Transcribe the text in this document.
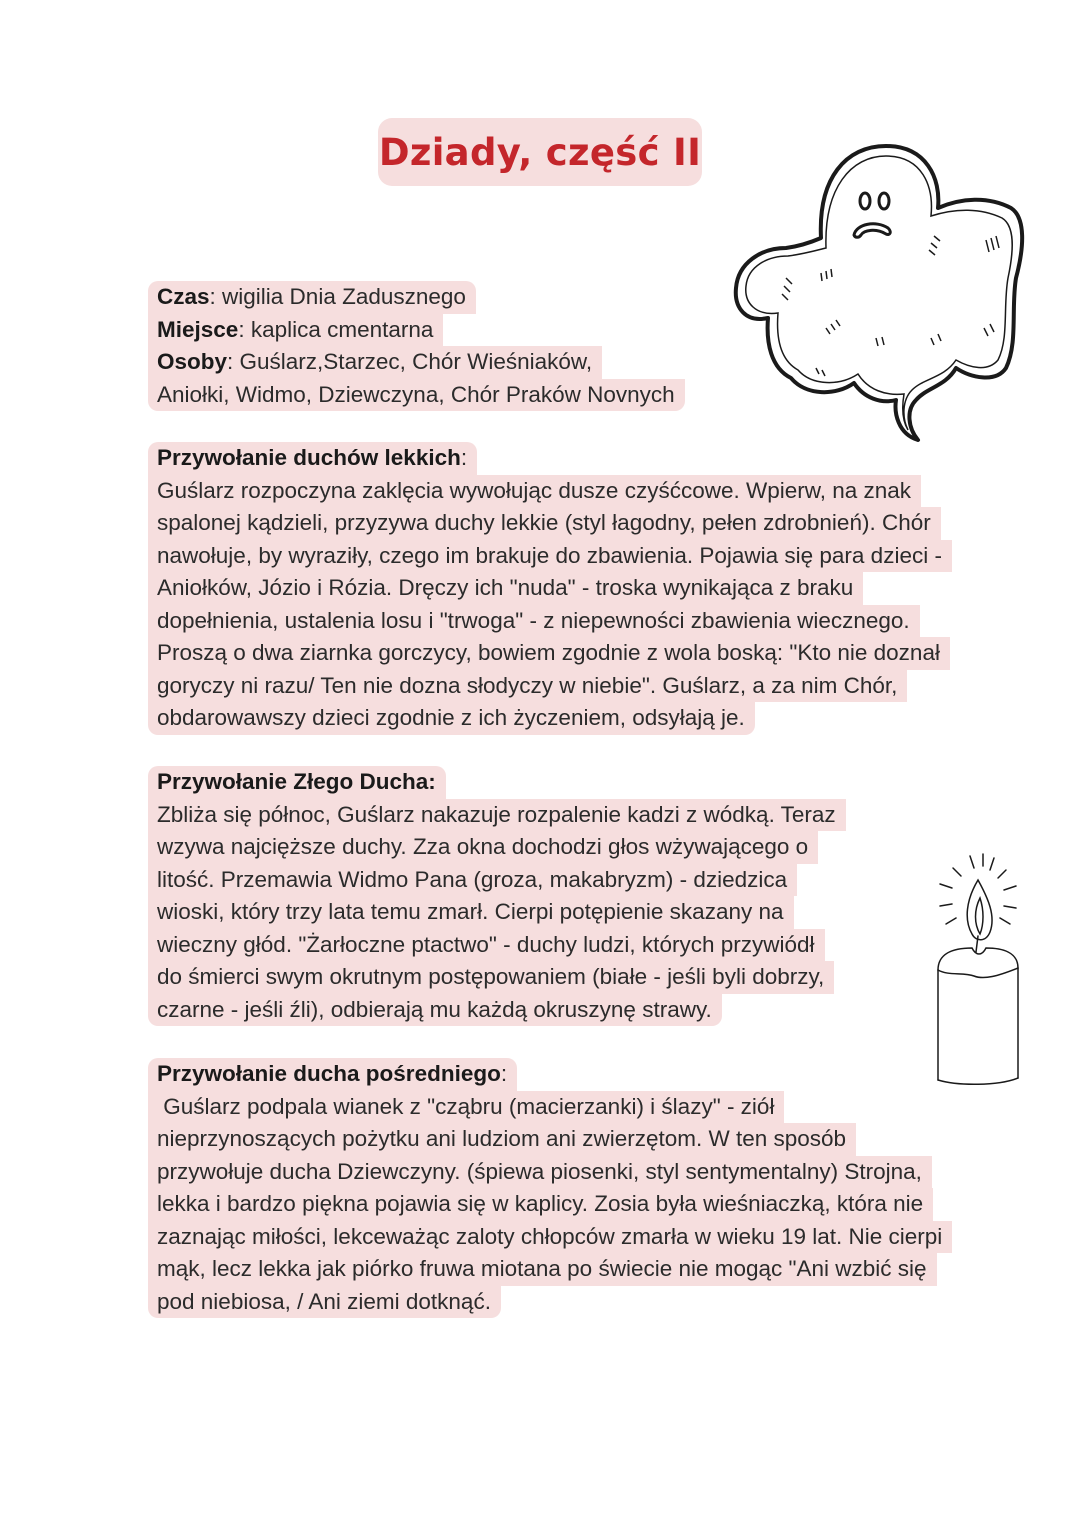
Dziady, część II
Czas: wigilia Dnia Zadusznego
Miejsce: kaplica cmentarna
Osoby: Guślarz,Starzec, Chór Wieśniaków,
Aniołki, Widmo, Dziewczyna, Chór Praków Novnych
Przywołanie duchów lekkich:
Guślarz rozpoczyna zaklęcia wywołując dusze czyśćcowe. Wpierw, na znak
spalonej kądzieli, przyzywa duchy lekkie (styl łagodny, pełen zdrobnień). Chór
nawołuje, by wyraziły, czego im brakuje do zbawienia. Pojawia się para dzieci -
Aniołków, Józio i Rózia. Dręczy ich "nuda" - troska wynikająca z braku
dopełnienia, ustalenia losu i "trwoga" - z niepewności zbawienia wiecznego.
Proszą o dwa ziarnka gorczycy, bowiem zgodnie z wola boską: "Kto nie doznał
goryczy ni razu/ Ten nie dozna słodyczy w niebie". Guślarz, a za nim Chór,
obdarowawszy dzieci zgodnie z ich życzeniem, odsyłają je.
Przywołanie Złego Ducha:
Zbliża się północ, Guślarz nakazuje rozpalenie kadzi z wódką. Teraz
wzywa najcięższe duchy. Zza okna dochodzi głos wżywającego o
litość. Przemawia Widmo Pana (groza, makabryzm) - dziedzica
wioski, który trzy lata temu zmarł. Cierpi potępienie skazany na
wieczny głód. "Żarłoczne ptactwo" - duchy ludzi, których przywiódł
do śmierci swym okrutnym postępowaniem (białe - jeśli byli dobrzy,
czarne - jeśli źli), odbierają mu każdą okruszynę strawy.
Przywołanie ducha pośredniego:
Guślarz podpala wianek z "cząbru (macierzanki) i ślazy" - ziół
nieprzynoszących pożytku ani ludziom ani zwierzętom. W ten sposób
przywołuje ducha Dziewczyny. (śpiewa piosenki, styl sentymentalny) Strojna,
lekka i bardzo piękna pojawia się w kaplicy. Zosia była wieśniaczką, która nie
zaznając miłości, lekceważąc zaloty chłopców zmarła w wieku 19 lat. Nie cierpi
mąk, lecz lekka jak piórko fruwa miotana po świecie nie mogąc "Ani wzbić się
pod niebiosa, / Ani ziemi dotknąć.
